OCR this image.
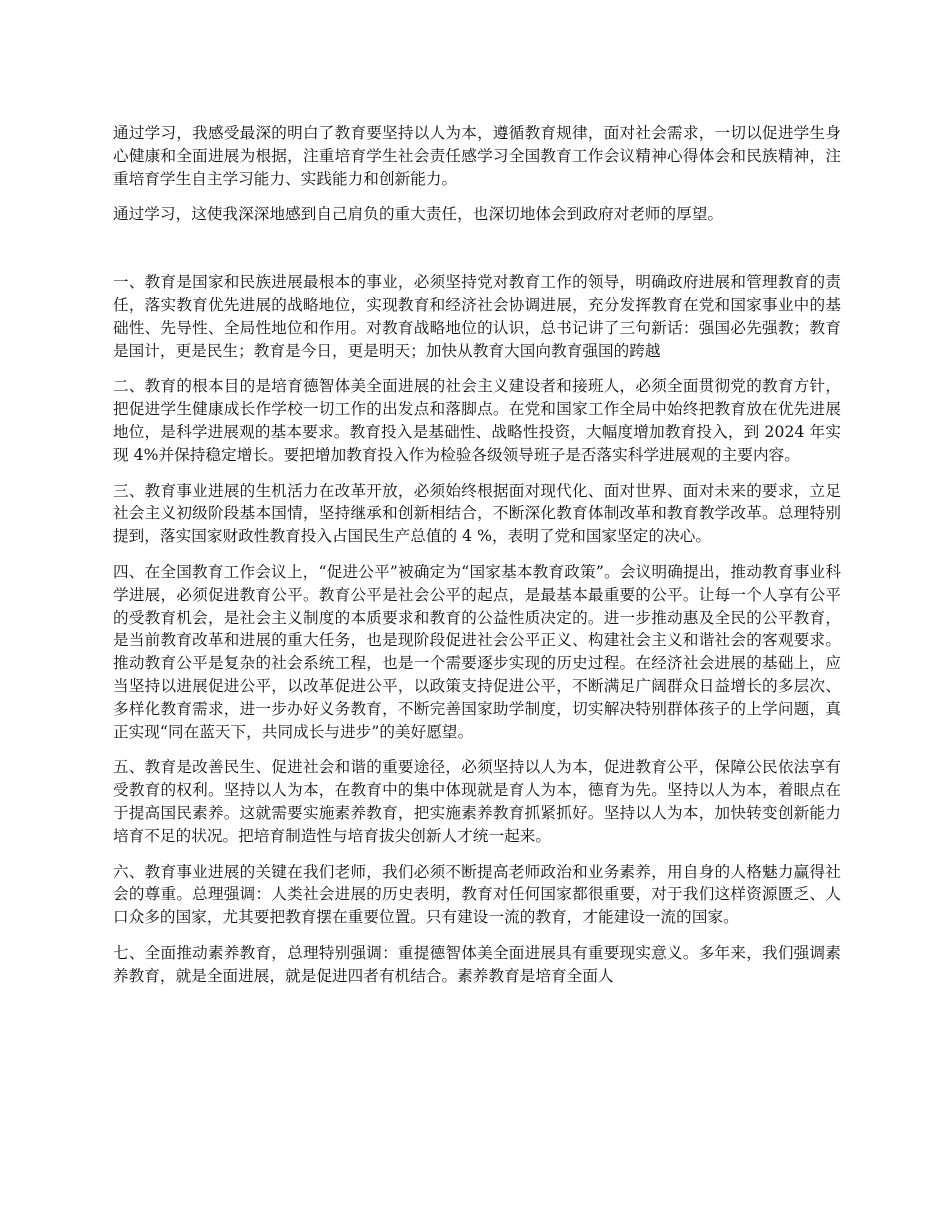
通过学习，我感受最深的明白了教育要坚持以人为本，遵循教育规律，面对社会需求，一切以促进学生身心健康和全面进展为根据，注重培育学生社会责任感学习全国教育工作会议精神心得体会和民族精神，注重培育学生自主学习能力、实践能力和创新能力。

通过学习，这使我深深地感到自己肩负的重大责任，也深切地体会到政府对老师的厚望。

一、教育是国家和民族进展最根本的事业，必须坚持党对教育工作的领导，明确政府进展和管理教育的责任，落实教育优先进展的战略地位，实现教育和经济社会协调进展，充分发挥教育在党和国家事业中的基础性、先导性、全局性地位和作用。对教育战略地位的认识，总书记讲了三句新话：强国必先强教；教育是国计，更是民生；教育是今日，更是明天；加快从教育大国向教育强国的跨越

二、教育的根本目的是培育德智体美全面进展的社会主义建设者和接班人，必须全面贯彻党的教育方针，把促进学生健康成长作学校一切工作的出发点和落脚点。在党和国家工作全局中始终把教育放在优先进展地位，是科学进展观的基本要求。教育投入是基础性、战略性投资，大幅度增加教育投入，到 2024 年实现 4%并保持稳定增长。要把增加教育投入作为检验各级领导班子是否落实科学进展观的主要内容。

三、教育事业进展的生机活力在改革开放，必须始终根据面对现代化、面对世界、面对未来的要求，立足社会主义初级阶段基本国情，坚持继承和创新相结合，不断深化教育体制改革和教育教学改革。总理特别提到，落实国家财政性教育投入占国民生产总值的 4 %，表明了党和国家坚定的决心。

四、在全国教育工作会议上，“促进公平”被确定为“国家基本教育政策”。会议明确提出，推动教育事业科学进展，必须促进教育公平。教育公平是社会公平的起点，是最基本最重要的公平。让每一个人享有公平的受教育机会，是社会主义制度的本质要求和教育的公益性质决定的。进一步推动惠及全民的公平教育，是当前教育改革和进展的重大任务，也是现阶段促进社会公平正义、构建社会主义和谐社会的客观要求。推动教育公平是复杂的社会系统工程，也是一个需要逐步实现的历史过程。在经济社会进展的基础上，应当坚持以进展促进公平，以改革促进公平，以政策支持促进公平，不断满足广阔群众日益增长的多层次、多样化教育需求，进一步办好义务教育，不断完善国家助学制度，切实解决特别群体孩子的上学问题，真正实现“同在蓝天下，共同成长与进步”的美好愿望。

五、教育是改善民生、促进社会和谐的重要途径，必须坚持以人为本，促进教育公平，保障公民依法享有受教育的权利。坚持以人为本，在教育中的集中体现就是育人为本，德育为先。坚持以人为本，着眼点在于提高国民素养。这就需要实施素养教育，把实施素养教育抓紧抓好。坚持以人为本，加快转变创新能力培育不足的状况。把培育制造性与培育拔尖创新人才统一起来。

六、教育事业进展的关键在我们老师，我们必须不断提高老师政治和业务素养，用自身的人格魅力赢得社会的尊重。总理强调：人类社会进展的历史表明，教育对任何国家都很重要，对于我们这样资源匮乏、人口众多的国家，尤其要把教育摆在重要位置。只有建设一流的教育，才能建设一流的国家。

七、全面推动素养教育，总理特别强调：重提德智体美全面进展具有重要现实意义。多年来，我们强调素养教育，就是全面进展，就是促进四者有机结合。素养教育是培育全面人
